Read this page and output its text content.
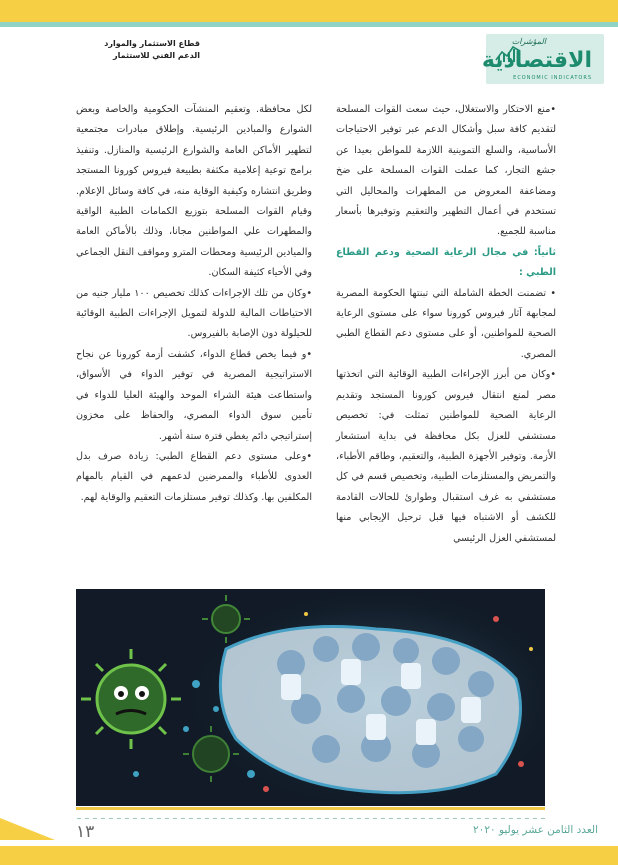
المؤشرات
الاقتصادية
ECONOMIC INDICATORS
قطاع الاستثمار والموارد
الدعم الفني للاستثمار

•منع الاحتكار والاستغلال، حيث سعت القوات المسلحة لتقديم كافة سبل وأشكال الدعم عبر توفير الاحتياجات الأساسية، والسلع التموينية اللازمة للمواطن بعيدا عن جشع التجار، كما عملت القوات المسلحة على ضخ ومضاعفة المعروض من المطهرات والمحاليل التي تستخدم في أعمال التطهير والتعقيم وتوفيرها بأسعار مناسبة للجميع.

ثانياً: في مجال الرعاية الصحية ودعم القطاع الطبي :

• تضمنت الخطة الشاملة التي تبنتها الحكومة المصرية لمجابهة آثار فيروس كورونا سواء على مستوى الرعاية الصحية للمواطنين، أو على مستوى دعم القطاع الطبي المصري.

•وكان من أبرز الإجراءات الطبية الوقائية التي اتخذتها مصر لمنع انتقال فيروس كورونا المستجد وتقديم الرعاية الصحية للمواطنين تمثلت في: تخصيص مستشفي للعزل بكل محافظة في بداية استشعار الأزمة. وتوفير الأجهزة الطبية، والتعقيم، وطاقم الأطباء، والتمريض والمستلزمات الطبية، وتخصيص قسم في كل مستشفي به غرف استقبال وطوارئ للحالات القادمة للكشف أو الاشتباه فيها قبل ترحيل الإيجابي منها لمستشفي العزل الرئيسي

لكل محافظة. وتعقيم المنشآت الحكومية والخاصة وبعض الشوارع والمبادين الرئيسية. وإطلاق مبادرات مجتمعية لتطهير الأماكن العامة والشوارع الرئيسية والمنازل. وتنفيذ برامج توعية إعلامية مكثفة بطبيعة فيروس كورونا المستجد وطريق انتشاره وكيفية الوقاية منه، في كافة وسائل الإعلام. وقيام القوات المسلحة بتوزيع الكمامات الطبية الواقية والمطهرات علي المواطنين مجانا، وذلك بالأماكن العامة والميادين الرئيسية ومحطات المترو ومواقف النقل الجماعي وفي الأحياء كثيفة السكان.

•وكان من تلك الإجراءات كذلك تخصيص ١٠٠ مليار جنيه من الاحتياطات المالية للدولة لتمويل الإجراءات الطبية الوقائية للحيلولة دون الإصابة بالفيروس.

•و فيما يخص قطاع الدواء، كشفت أزمة كورونا عن نجاح الاستراتيجية المصرية في توفير الدواء في الأسواق، واستطاعت هيئة الشراء الموحد والهيئة العليا للدواء في تأمين سوق الدواء المصري، والحفاظ على مخزون إستراتيجي دائم يغطي فترة ستة أشهر.

•وعلى مستوى دعم القطاع الطبي: زيادة صرف بدل العدوى للأطباء والممرضين لدعمهم في القيام بالمهام المكلفين بها. وكذلك توفير مستلزمات التعقيم والوقاية لهم.

١٣	العدد الثامن عشر يوليو ٢٠٢٠
